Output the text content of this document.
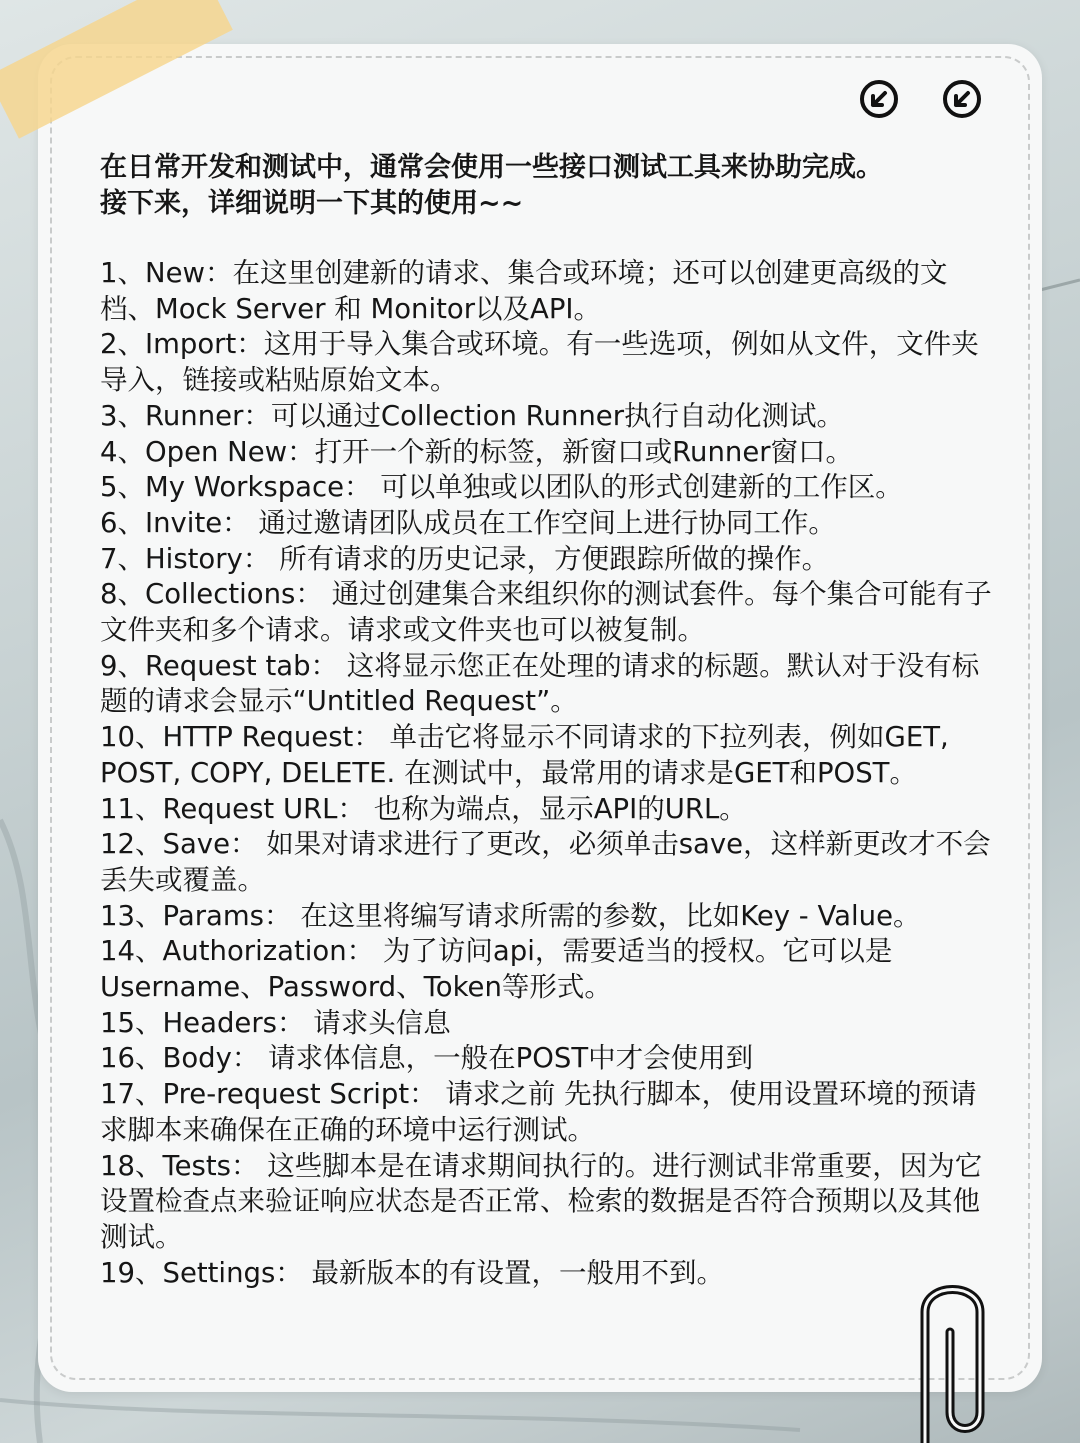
在日常开发和测试中，通常会使用一些接口测试工具来协助完成。
接下来，详细说明一下其的使用~~

1、New：在这里创建新的请求、集合或环境；还可以创建更高级的文档、Mock Server 和 Monitor以及API。
2、Import：这用于导入集合或环境。有一些选项，例如从文件，文件夹导入，链接或粘贴原始文本。
3、Runner：可以通过Collection Runner执行自动化测试。
4、Open New：打开一个新的标签，新窗口或Runner窗口。
5、My Workspace： 可以单独或以团队的形式创建新的工作区。
6、Invite： 通过邀请团队成员在工作空间上进行协同工作。
7、History： 所有请求的历史记录，方便跟踪所做的操作。
8、Collections： 通过创建集合来组织你的测试套件。每个集合可能有子文件夹和多个请求。请求或文件夹也可以被复制。
9、Request tab： 这将显示您正在处理的请求的标题。默认对于没有标题的请求会显示“Untitled Request”。
10、HTTP Request： 单击它将显示不同请求的下拉列表，例如GET, POST, COPY, DELETE. 在测试中，最常用的请求是GET和POST。
11、Request URL： 也称为端点，显示API的URL。
12、Save： 如果对请求进行了更改，必须单击save，这样新更改才不会丢失或覆盖。
13、Params： 在这里将编写请求所需的参数，比如Key - Value。
14、Authorization： 为了访问api，需要适当的授权。它可以是Username、Password、Token等形式。
15、Headers： 请求头信息
16、Body： 请求体信息，一般在POST中才会使用到
17、Pre-request Script： 请求之前 先执行脚本，使用设置环境的预请求脚本来确保在正确的环境中运行测试。
18、Tests： 这些脚本是在请求期间执行的。进行测试非常重要，因为它设置检查点来验证响应状态是否正常、检索的数据是否符合预期以及其他测试。
19、Settings： 最新版本的有设置，一般用不到。
